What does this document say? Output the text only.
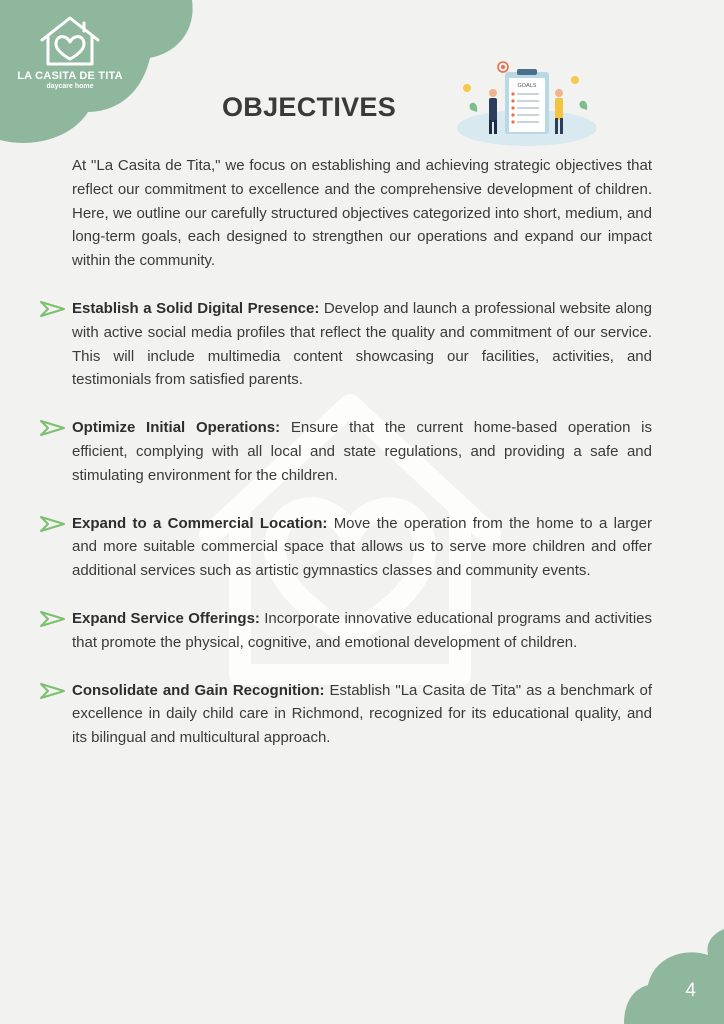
LA CASITA DE TITA
daycare home
OBJECTIVES
GOALS

At "La Casita de Tita," we focus on establishing and achieving strategic objectives that reflect our commitment to excellence and the comprehensive development of children. Here, we outline our carefully structured objectives categorized into short, medium, and long-term goals, each designed to strengthen our operations and expand our impact within the community.

Establish a Solid Digital Presence: Develop and launch a professional website along with active social media profiles that reflect the quality and commitment of our service. This will include multimedia content showcasing our facilities, activities, and testimonials from satisfied parents.

Optimize Initial Operations: Ensure that the current home-based operation is efficient, complying with all local and state regulations, and providing a safe and stimulating environment for the children.

Expand to a Commercial Location: Move the operation from the home to a larger and more suitable commercial space that allows us to serve more children and offer additional services such as artistic gymnastics classes and community events.

Expand Service Offerings: Incorporate innovative educational programs and activities that promote the physical, cognitive, and emotional development of children.

Consolidate and Gain Recognition: Establish "La Casita de Tita" as a benchmark of excellence in daily child care in Richmond, recognized for its educational quality, and its bilingual and multicultural approach.

4
